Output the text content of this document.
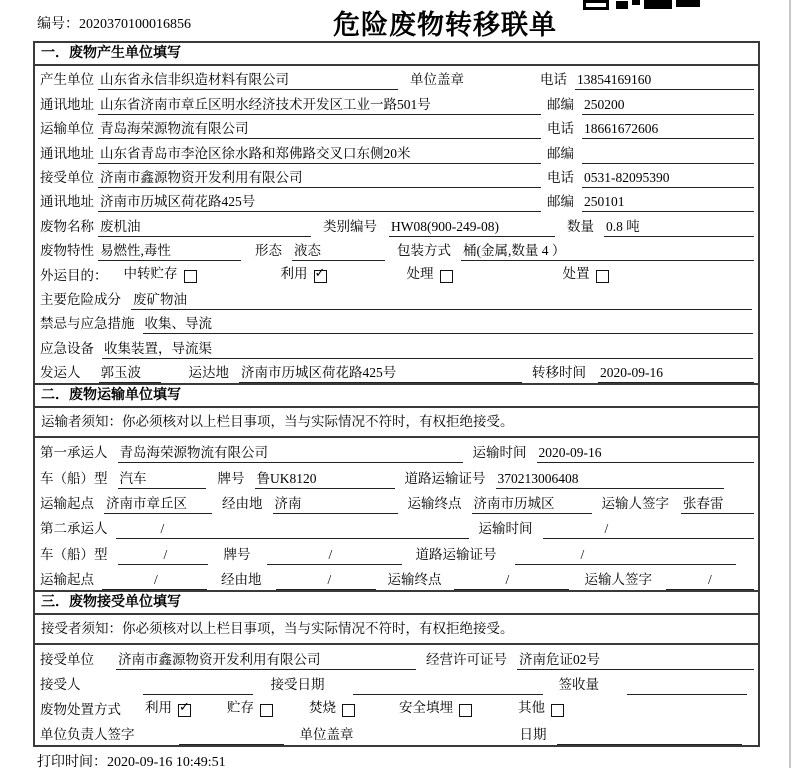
编号：2020370100016856	危险废物转移联单
一．废物产生单位填写
产生单位 山东省永信非织造材料有限公司	单位盖章	电话 13854169160
通讯地址 山东省济南市章丘区明水经济技术开发区工业一路501号	邮编 250200
运输单位 青岛海荣源物流有限公司	电话 18661672606
通讯地址 山东省青岛市李沧区徐水路和郑佛路交叉口东侧20米	邮编
接受单位 济南市鑫源物资开发利用有限公司	电话 0531-82095390
通讯地址 济南市历城区荷花路425号	邮编 250101
废物名称 废机油	类别编号 HW08(900-249-08)	数量 0.8 吨
废物特性 易燃性,毒性	形态 液态	包装方式 桶(金属,数量 4 ）
外运目的： 中转贮存	利用 ✓	处理	处置
主要危险成分 废矿物油
禁忌与应急措施 收集、导流
应急设备 收集装置，导流渠
发运人 郭玉波	运达地 济南市历城区荷花路425号	转移时间 2020-09-16
二．废物运输单位填写
运输者须知：你必须核对以上栏目事项，当与实际情况不符时，有权拒绝接受。
第一承运人 青岛海荣源物流有限公司	运输时间 2020-09-16
车（船）型 汽车	牌号 鲁UK8120	道路运输证号 370213006408
运输起点 济南市章丘区	经由地 济南	运输终点 济南市历城区	运输人签字 张春雷
第二承运人	/	运输时间	/
车（船）型	/	牌号	/	道路运输证号	/
运输起点	/	经由地	/	运输终点	/	运输人签字	/
三．废物接受单位填写
接受者须知：你必须核对以上栏目事项，当与实际情况不符时，有权拒绝接受。
接受单位 济南市鑫源物资开发利用有限公司	经营许可证号 济南危证02号
接受人	接受日期	签收量
废物处置方式 利用 ✓	贮存	焚烧	安全填埋	其他
单位负责人签字	单位盖章	日期
打印时间：2020-09-16 10:49:51
